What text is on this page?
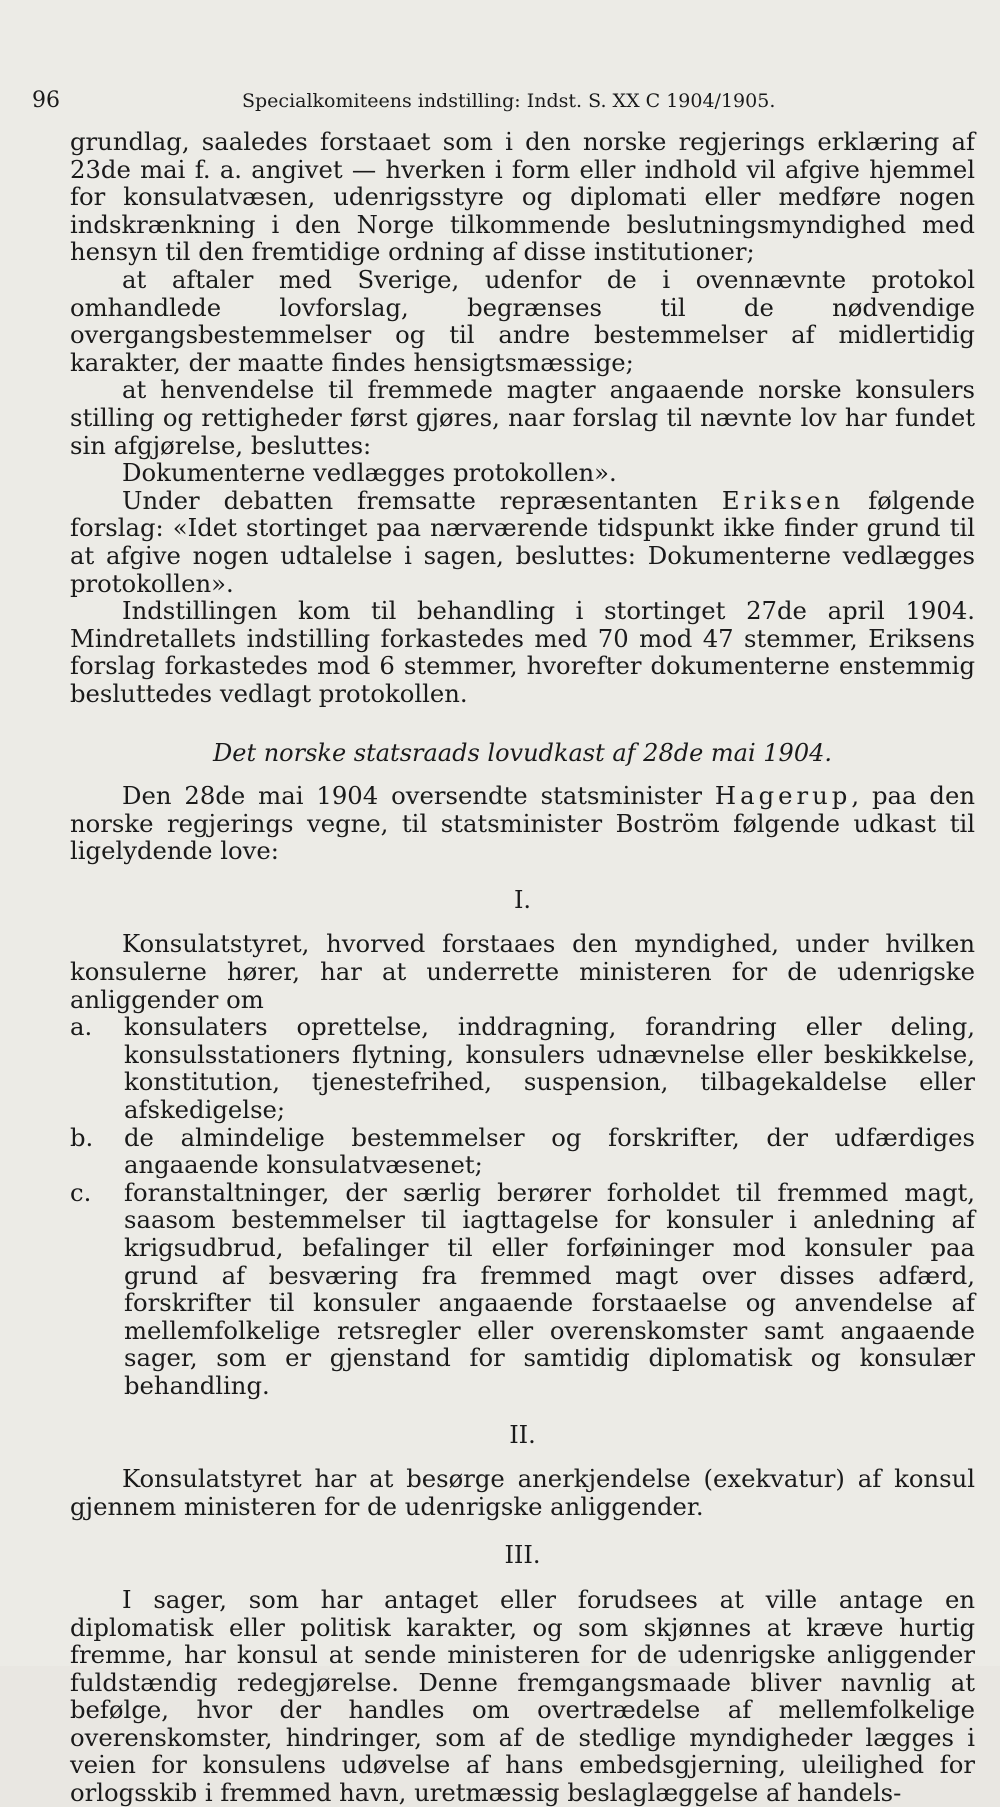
96	Specialkomiteens indstilling: Indst. S. XX C 1904/1905.

grundlag, saaledes forstaaet som i den norske regjerings erklæring af 23de mai f. a. angivet — hverken i form eller indhold vil afgive hjemmel for konsulatvæsen, udenrigsstyre og diplomati eller medføre nogen indskrænkning i den Norge tilkommende beslutningsmyndighed med hensyn til den fremtidige ordning af disse institutioner;

at aftaler med Sverige, udenfor de i ovennævnte protokol omhandlede lovforslag, begrænses til de nødvendige overgangsbestemmelser og til andre bestemmelser af midlertidig karakter, der maatte findes hensigtsmæssige;

at henvendelse til fremmede magter angaaende norske konsulers stilling og rettigheder først gjøres, naar forslag til nævnte lov har fundet sin afgjørelse, besluttes:

Dokumenterne vedlægges protokollen».

Under debatten fremsatte repræsentanten Eriksen følgende forslag: «Idet stortinget paa nærværende tidspunkt ikke finder grund til at afgive nogen udtalelse i sagen, besluttes: Dokumenterne vedlægges protokollen».

Indstillingen kom til behandling i stortinget 27de april 1904. Mindretallets indstilling forkastedes med 70 mod 47 stemmer, Eriksens forslag forkastedes mod 6 stemmer, hvorefter dokumenterne enstemmig besluttedes vedlagt protokollen.

Det norske statsraads lovudkast af 28de mai 1904.

Den 28de mai 1904 oversendte statsminister Hagerup, paa den norske regjerings vegne, til statsminister Boström følgende udkast til ligelydende love:

I.

Konsulatstyret, hvorved forstaaes den myndighed, under hvilken konsulerne hører, har at underrette ministeren for de udenrigske anliggender om

a.	konsulaters oprettelse, inddragning, forandring eller deling, konsulsstationers flytning, konsulers udnævnelse eller beskikkelse, konstitution, tjenestefrihed, suspension, tilbagekaldelse eller afskedigelse;
b.	de almindelige bestemmelser og forskrifter, der udfærdiges angaaende konsulatvæsenet;
c.	foranstaltninger, der særlig berører forholdet til fremmed magt, saasom bestemmelser til iagttagelse for konsuler i anledning af krigsudbrud, befalinger til eller forføininger mod konsuler paa grund af besværing fra fremmed magt over disses adfærd, forskrifter til konsuler angaaende forstaaelse og anvendelse af mellemfolkelige retsregler eller overenskomster samt angaaende sager, som er gjenstand for samtidig diplomatisk og konsulær behandling.
II.

Konsulatstyret har at besørge anerkjendelse (exekvatur) af konsul gjennem ministeren for de udenrigske anliggender.

III.

I sager, som har antaget eller forudsees at ville antage en diplomatisk eller politisk karakter, og som skjønnes at kræve hurtig fremme, har konsul at sende ministeren for de udenrigske anliggender fuldstændig redegjørelse. Denne fremgangsmaade bliver navnlig at befølge, hvor der handles om overtrædelse af mellemfolkelige overenskomster, hindringer, som af de stedlige myndigheder lægges i veien for konsulens udøvelse af hans embedsgjerning, uleilighed for orlogsskib i fremmed havn, uretmæssig beslaglæggelse af handels-
